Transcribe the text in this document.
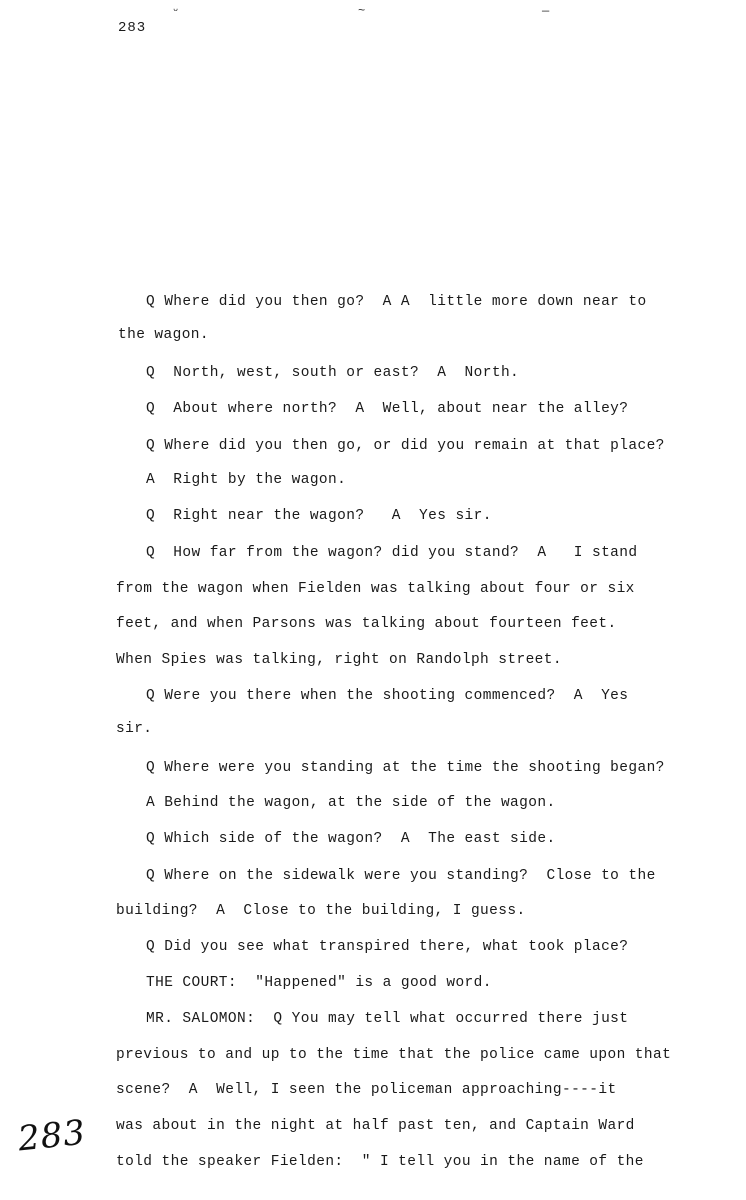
283
ᵕ	~	—
Q Where did you then go?  A A  little more down near to
the wagon.
Q  North, west, south or east?  A  North.
Q  About where north?  A  Well, about near the alley?
Q Where did you then go, or did you remain at that place?
A  Right by the wagon.
Q  Right near the wagon?   A  Yes sir.
Q  How far from the wagon? did you stand?  A   I stand
from the wagon when Fielden was talking about four or six
feet, and when Parsons was talking about fourteen feet.
When Spies was talking, right on Randolph street.
Q Were you there when the shooting commenced?  A  Yes
sir.
Q Where were you standing at the time the shooting began?
A Behind the wagon, at the side of the wagon.
Q Which side of the wagon?  A  The east side.
Q Where on the sidewalk were you standing?  Close to the
building?  A  Close to the building, I guess.
Q Did you see what transpired there, what took place?
THE COURT:  "Happened" is a good word.
MR. SALOMON:  Q You may tell what occurred there just
previous to and up to the time that the police came upon that
scene?  A  Well, I seen the policeman approaching----it
was about in the night at half past ten, and Captain Ward
told the speaker Fielden:  " I tell you in the name of the
283
